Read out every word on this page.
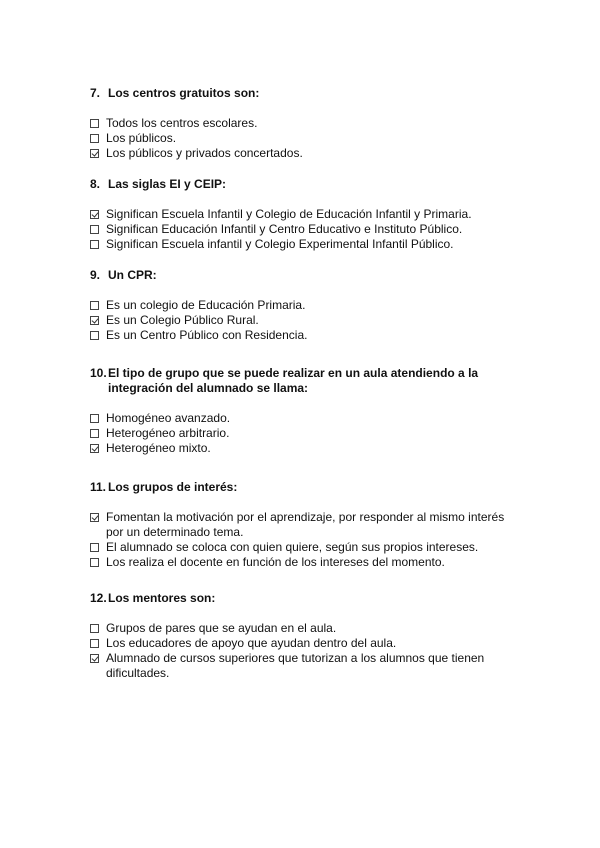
7. Los centros gratuitos son:
Todos los centros escolares.
Los públicos.
Los públicos y privados concertados.
8. Las siglas EI y CEIP:
Significan Escuela Infantil y Colegio de Educación Infantil y Primaria.
Significan Educación Infantil y Centro Educativo e Instituto Público.
Significan Escuela infantil y Colegio Experimental Infantil Público.
9. Un CPR:
Es un colegio de Educación Primaria.
Es un Colegio Público Rural.
Es un Centro Público con Residencia.
10. El tipo de grupo que se puede realizar en un aula atendiendo a la integración del alumnado se llama:
Homogéneo avanzado.
Heterogéneo arbitrario.
Heterogéneo mixto.
11. Los grupos de interés:
Fomentan la motivación por el aprendizaje, por responder al mismo interés por un determinado tema.
El alumnado se coloca con quien quiere, según sus propios intereses.
Los realiza el docente en función de los intereses del momento.
12. Los mentores son:
Grupos de pares que se ayudan en el aula.
Los educadores de apoyo que ayudan dentro del aula.
Alumnado de cursos superiores que tutorizan a los alumnos que tienen dificultades.
